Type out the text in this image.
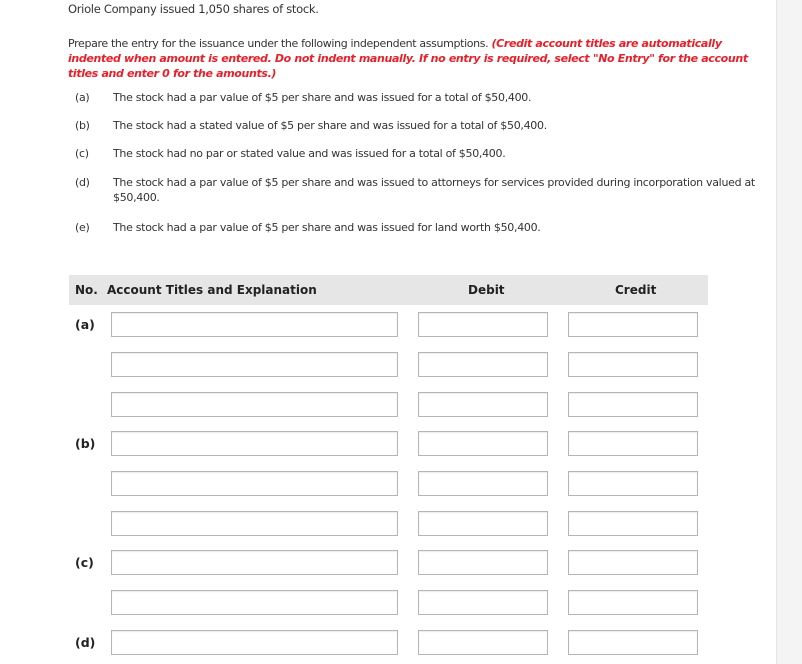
Oriole Company issued 1,050 shares of stock.
Prepare the entry for the issuance under the following independent assumptions. (Credit account titles are automatically indented when amount is entered. Do not indent manually. If no entry is required, select "No Entry" for the account titles and enter 0 for the amounts.)
(a)	The stock had a par value of $5 per share and was issued for a total of $50,400.
(b)	The stock had a stated value of $5 per share and was issued for a total of $50,400.
(c)	The stock had no par or stated value and was issued for a total of $50,400.
(d)	The stock had a par value of $5 per share and was issued to attorneys for services provided during incorporation valued at $50,400.
(e)	The stock had a par value of $5 per share and was issued for land worth $50,400.
No. Account Titles and Explanation	Debit	Credit
(a)
(b)
(c)
(d)
